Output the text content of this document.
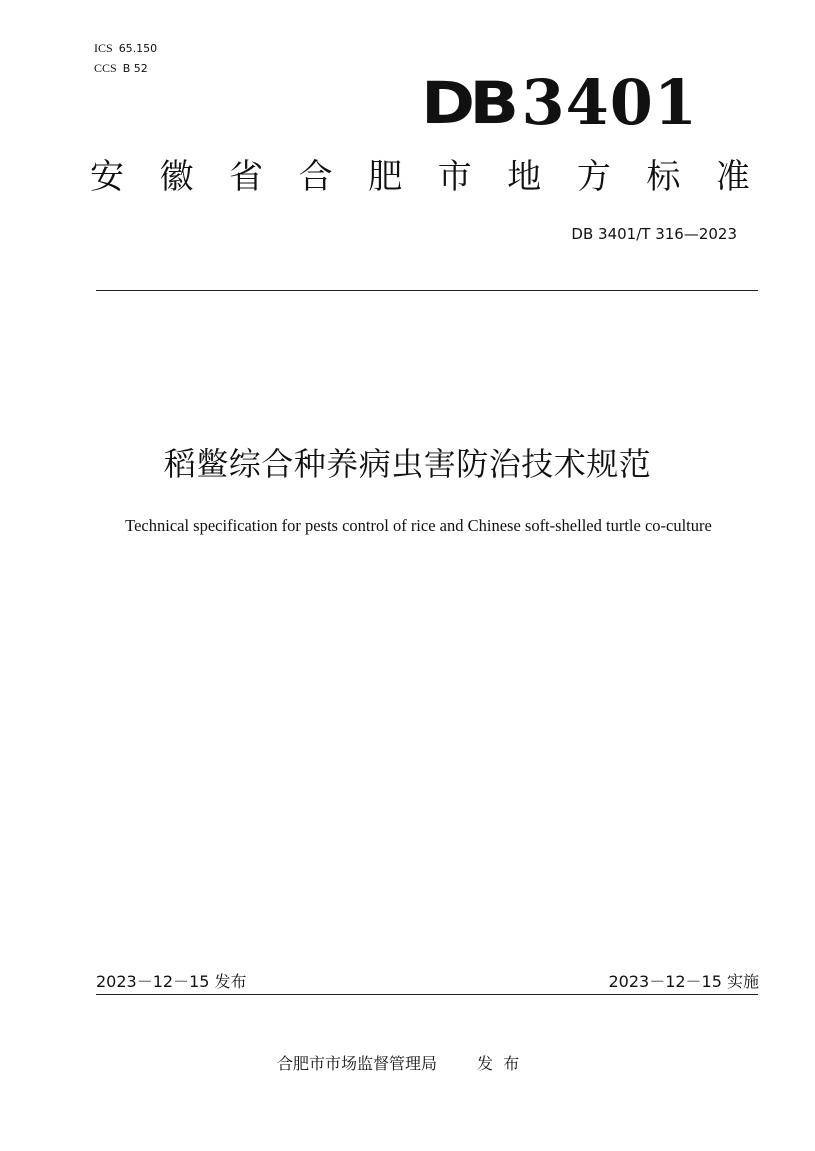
ICS 65.150
CCS B 52
DB 3401
安 徽 省 合 肥 市 地 方 标 准
DB 3401/T 316—2023
稻鳖综合种养病虫害防治技术规范
Technical specification for pests control of rice and Chinese soft-shelled turtle co-culture
2023－12－15 发布	2023－12－15 实施
合肥市市场监督管理局	发  布
